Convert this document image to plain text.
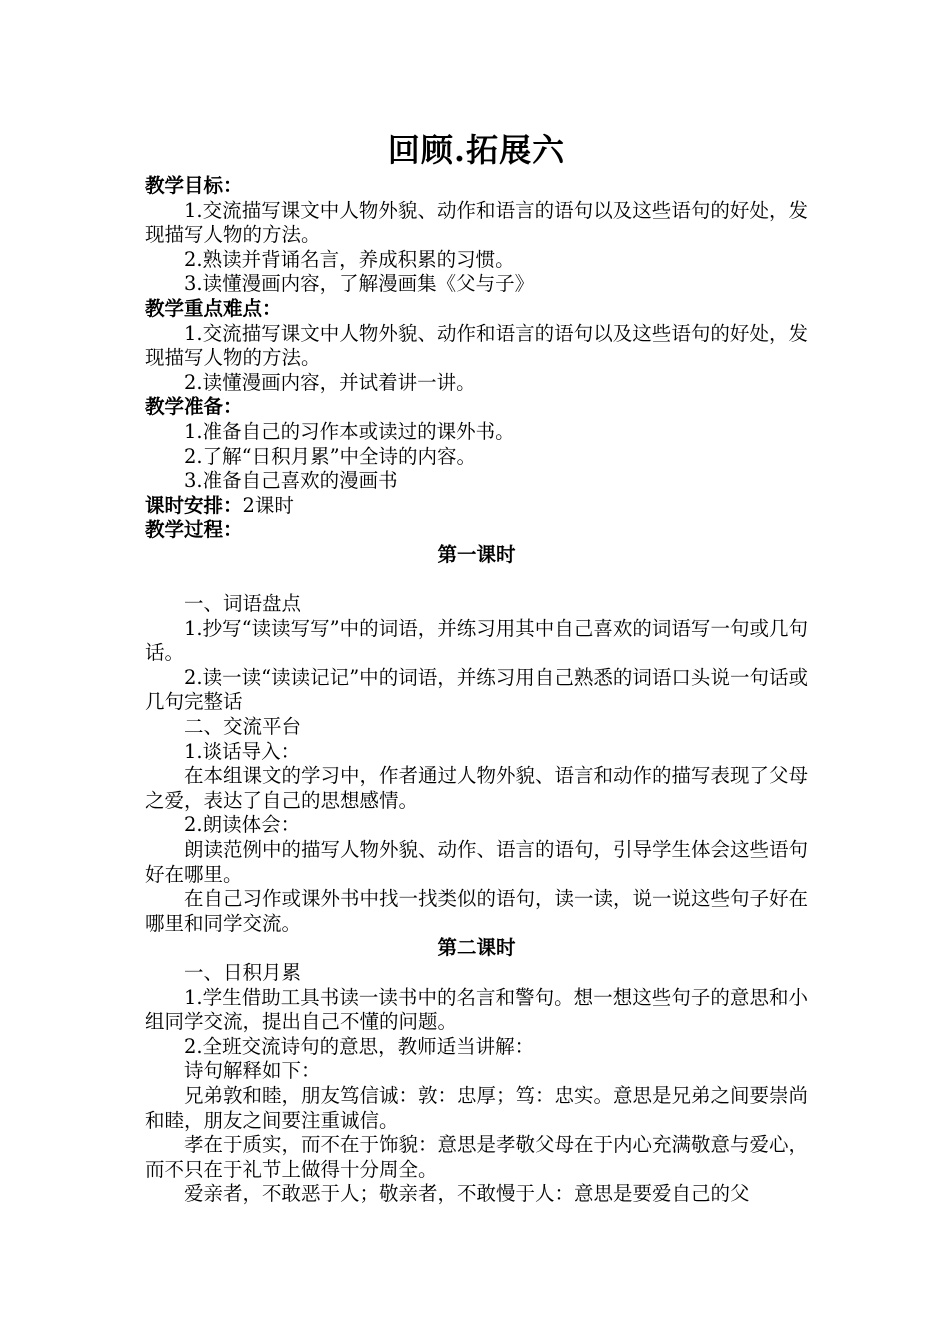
回顾.拓展六
教学目标：
1.交流描写课文中人物外貌、动作和语言的语句以及这些语句的好处，发现描写人物的方法。
2.熟读并背诵名言，养成积累的习惯。
3.读懂漫画内容，了解漫画集《父与子》
教学重点难点：
1.交流描写课文中人物外貌、动作和语言的语句以及这些语句的好处，发现描写人物的方法。
2.读懂漫画内容，并试着讲一讲。
教学准备：
1.准备自己的习作本或读过的课外书。
2.了解“日积月累”中全诗的内容。
3.准备自己喜欢的漫画书
课时安排：2课时
教学过程：
第一课时
一、词语盘点
1.抄写“读读写写”中的词语，并练习用其中自己喜欢的词语写一句或几句话。
2.读一读“读读记记”中的词语，并练习用自己熟悉的词语口头说一句话或几句完整话
二、交流平台
1.谈话导入：
在本组课文的学习中，作者通过人物外貌、语言和动作的描写表现了父母之爱，表达了自己的思想感情。
2.朗读体会：
朗读范例中的描写人物外貌、动作、语言的语句，引导学生体会这些语句好在哪里。
在自己习作或课外书中找一找类似的语句，读一读，说一说这些句子好在哪里和同学交流。
第二课时
一、日积月累
1.学生借助工具书读一读书中的名言和警句。想一想这些句子的意思和小组同学交流，提出自己不懂的问题。
2.全班交流诗句的意思，教师适当讲解：
诗句解释如下：
兄弟敦和睦，朋友笃信诚：敦：忠厚；笃：忠实。意思是兄弟之间要崇尚和睦，朋友之间要注重诚信。
孝在于质实，而不在于饰貌：意思是孝敬父母在于内心充满敬意与爱心，而不只在于礼节上做得十分周全。
爱亲者，不敢恶于人；敬亲者，不敢慢于人：意思是要爱自己的父
